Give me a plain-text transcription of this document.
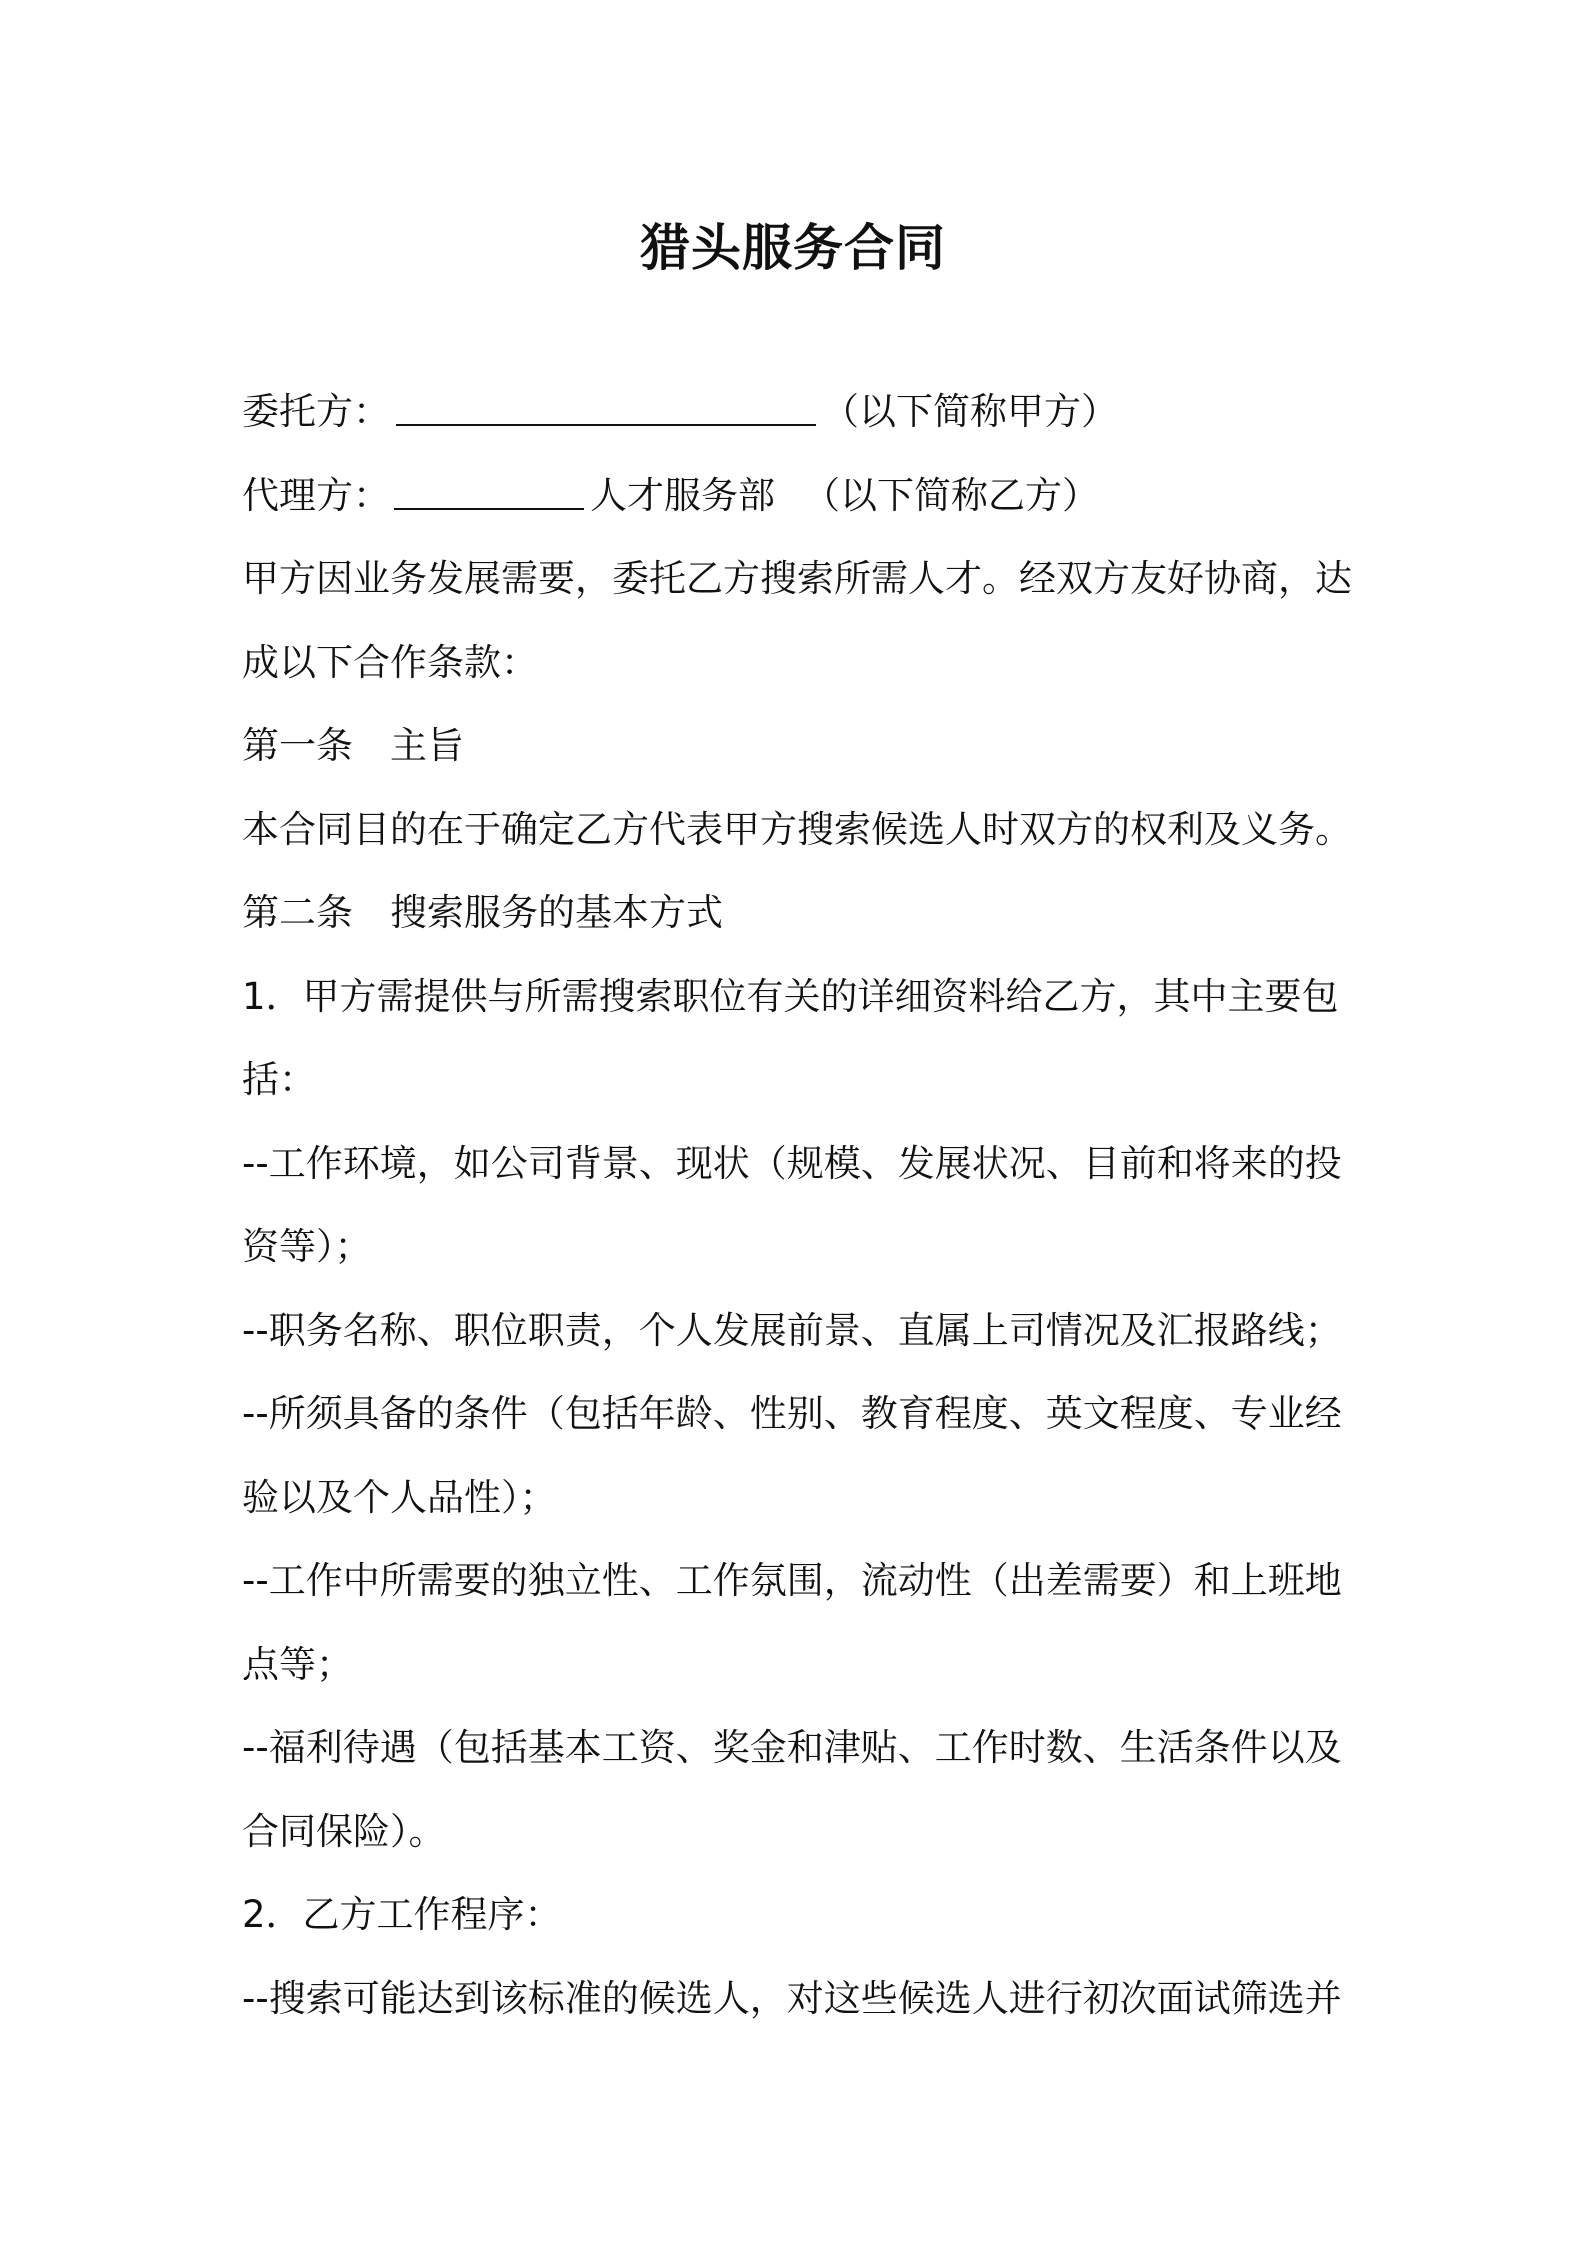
猎头服务合同
委托方：	（以下简称甲方）
代理方：	人才服务部 （以下简称乙方）
甲方因业务发展需要，委托乙方搜索所需人才。经双方友好协商，达
成以下合作条款：
第一条　主旨
本合同目的在于确定乙方代表甲方搜索候选人时双方的权利及义务。
第二条　搜索服务的基本方式
1．甲方需提供与所需搜索职位有关的详细资料给乙方，其中主要包
括：
--工作环境，如公司背景、现状（规模、发展状况、目前和将来的投
资等）；
--职务名称、职位职责，个人发展前景、直属上司情况及汇报路线；
--所须具备的条件（包括年龄、性别、教育程度、英文程度、专业经
验以及个人品性）；
--工作中所需要的独立性、工作氛围，流动性（出差需要）和上班地
点等；
--福利待遇（包括基本工资、奖金和津贴、工作时数、生活条件以及
合同保险）。
2．乙方工作程序：
--搜索可能达到该标准的候选人，对这些候选人进行初次面试筛选并
